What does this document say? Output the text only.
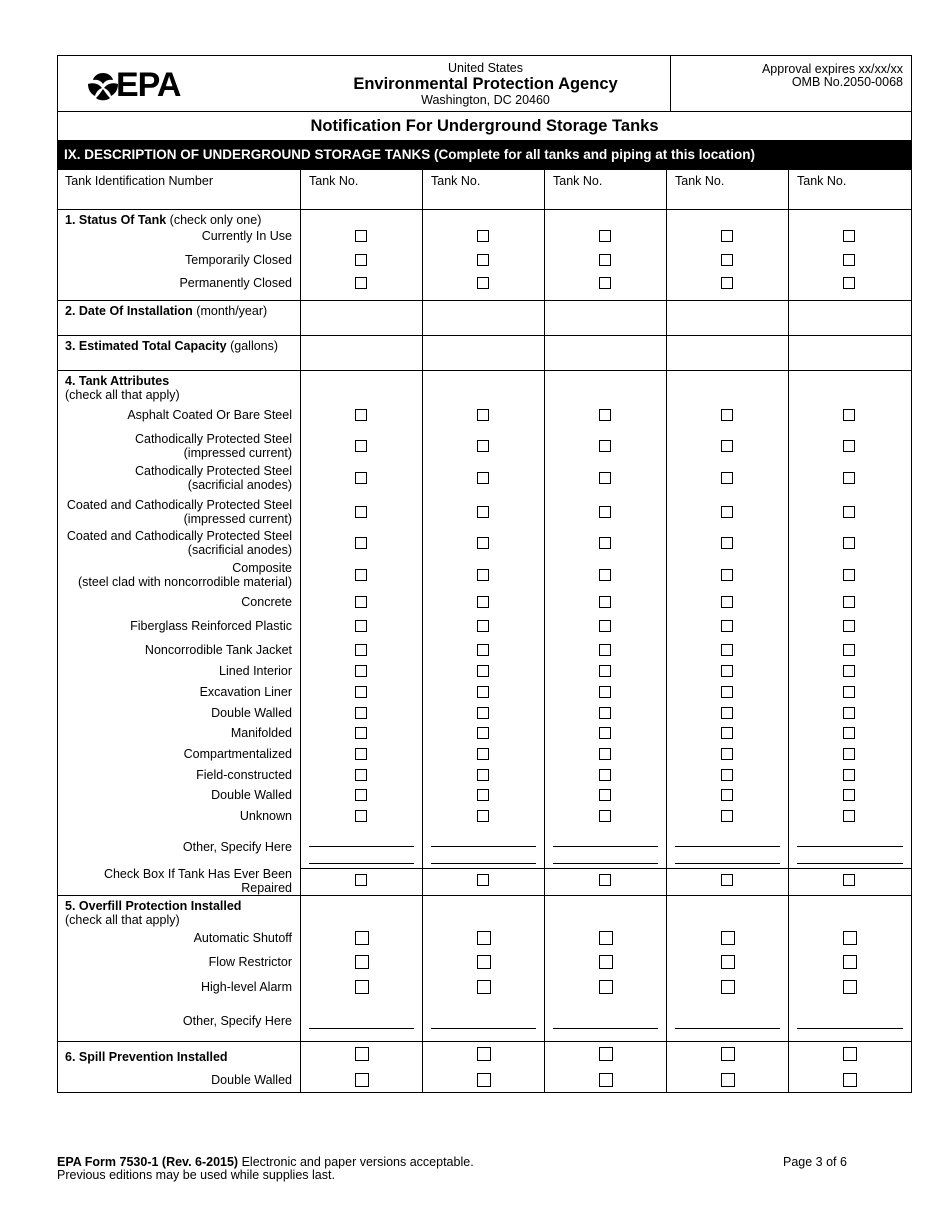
EPA	United States
Environmental Protection Agency
Washington, DC 20460
Approval expires xx/xx/xx
OMB No.2050-0068
Notification For Underground Storage Tanks
IX. DESCRIPTION OF UNDERGROUND STORAGE TANKS (Complete for all tanks and piping at this location)
Tank Identification Number	Tank No.	Tank No.	Tank No.	Tank No.	Tank No.
1. Status Of Tank (check only one)
Currently In Use
Temporarily Closed
Permanently Closed
2. Date Of Installation (month/year)
3. Estimated Total Capacity (gallons)
4. Tank Attributes
(check all that apply)
Asphalt Coated Or Bare Steel
Cathodically Protected Steel
(impressed current)
Cathodically Protected Steel
(sacrificial anodes)
Coated and Cathodically Protected Steel
(impressed current)
Coated and Cathodically Protected Steel
(sacrificial anodes)
Composite
(steel clad with noncorrodible material)
Concrete
Fiberglass Reinforced Plastic
Noncorrodible Tank Jacket
Lined Interior
Excavation Liner
Double Walled
Manifolded
Compartmentalized
Field-constructed
Double Walled
Unknown
Other, Specify Here
Check Box If Tank Has Ever Been
Repaired
5. Overfill Protection Installed
(check all that apply)
Automatic Shutoff
Flow Restrictor
High-level Alarm
Other, Specify Here
6. Spill Prevention Installed
Double Walled
EPA Form 7530-1 (Rev. 6-2015) Electronic and paper versions acceptable.
Previous editions may be used while supplies last.
Page 3 of 6
